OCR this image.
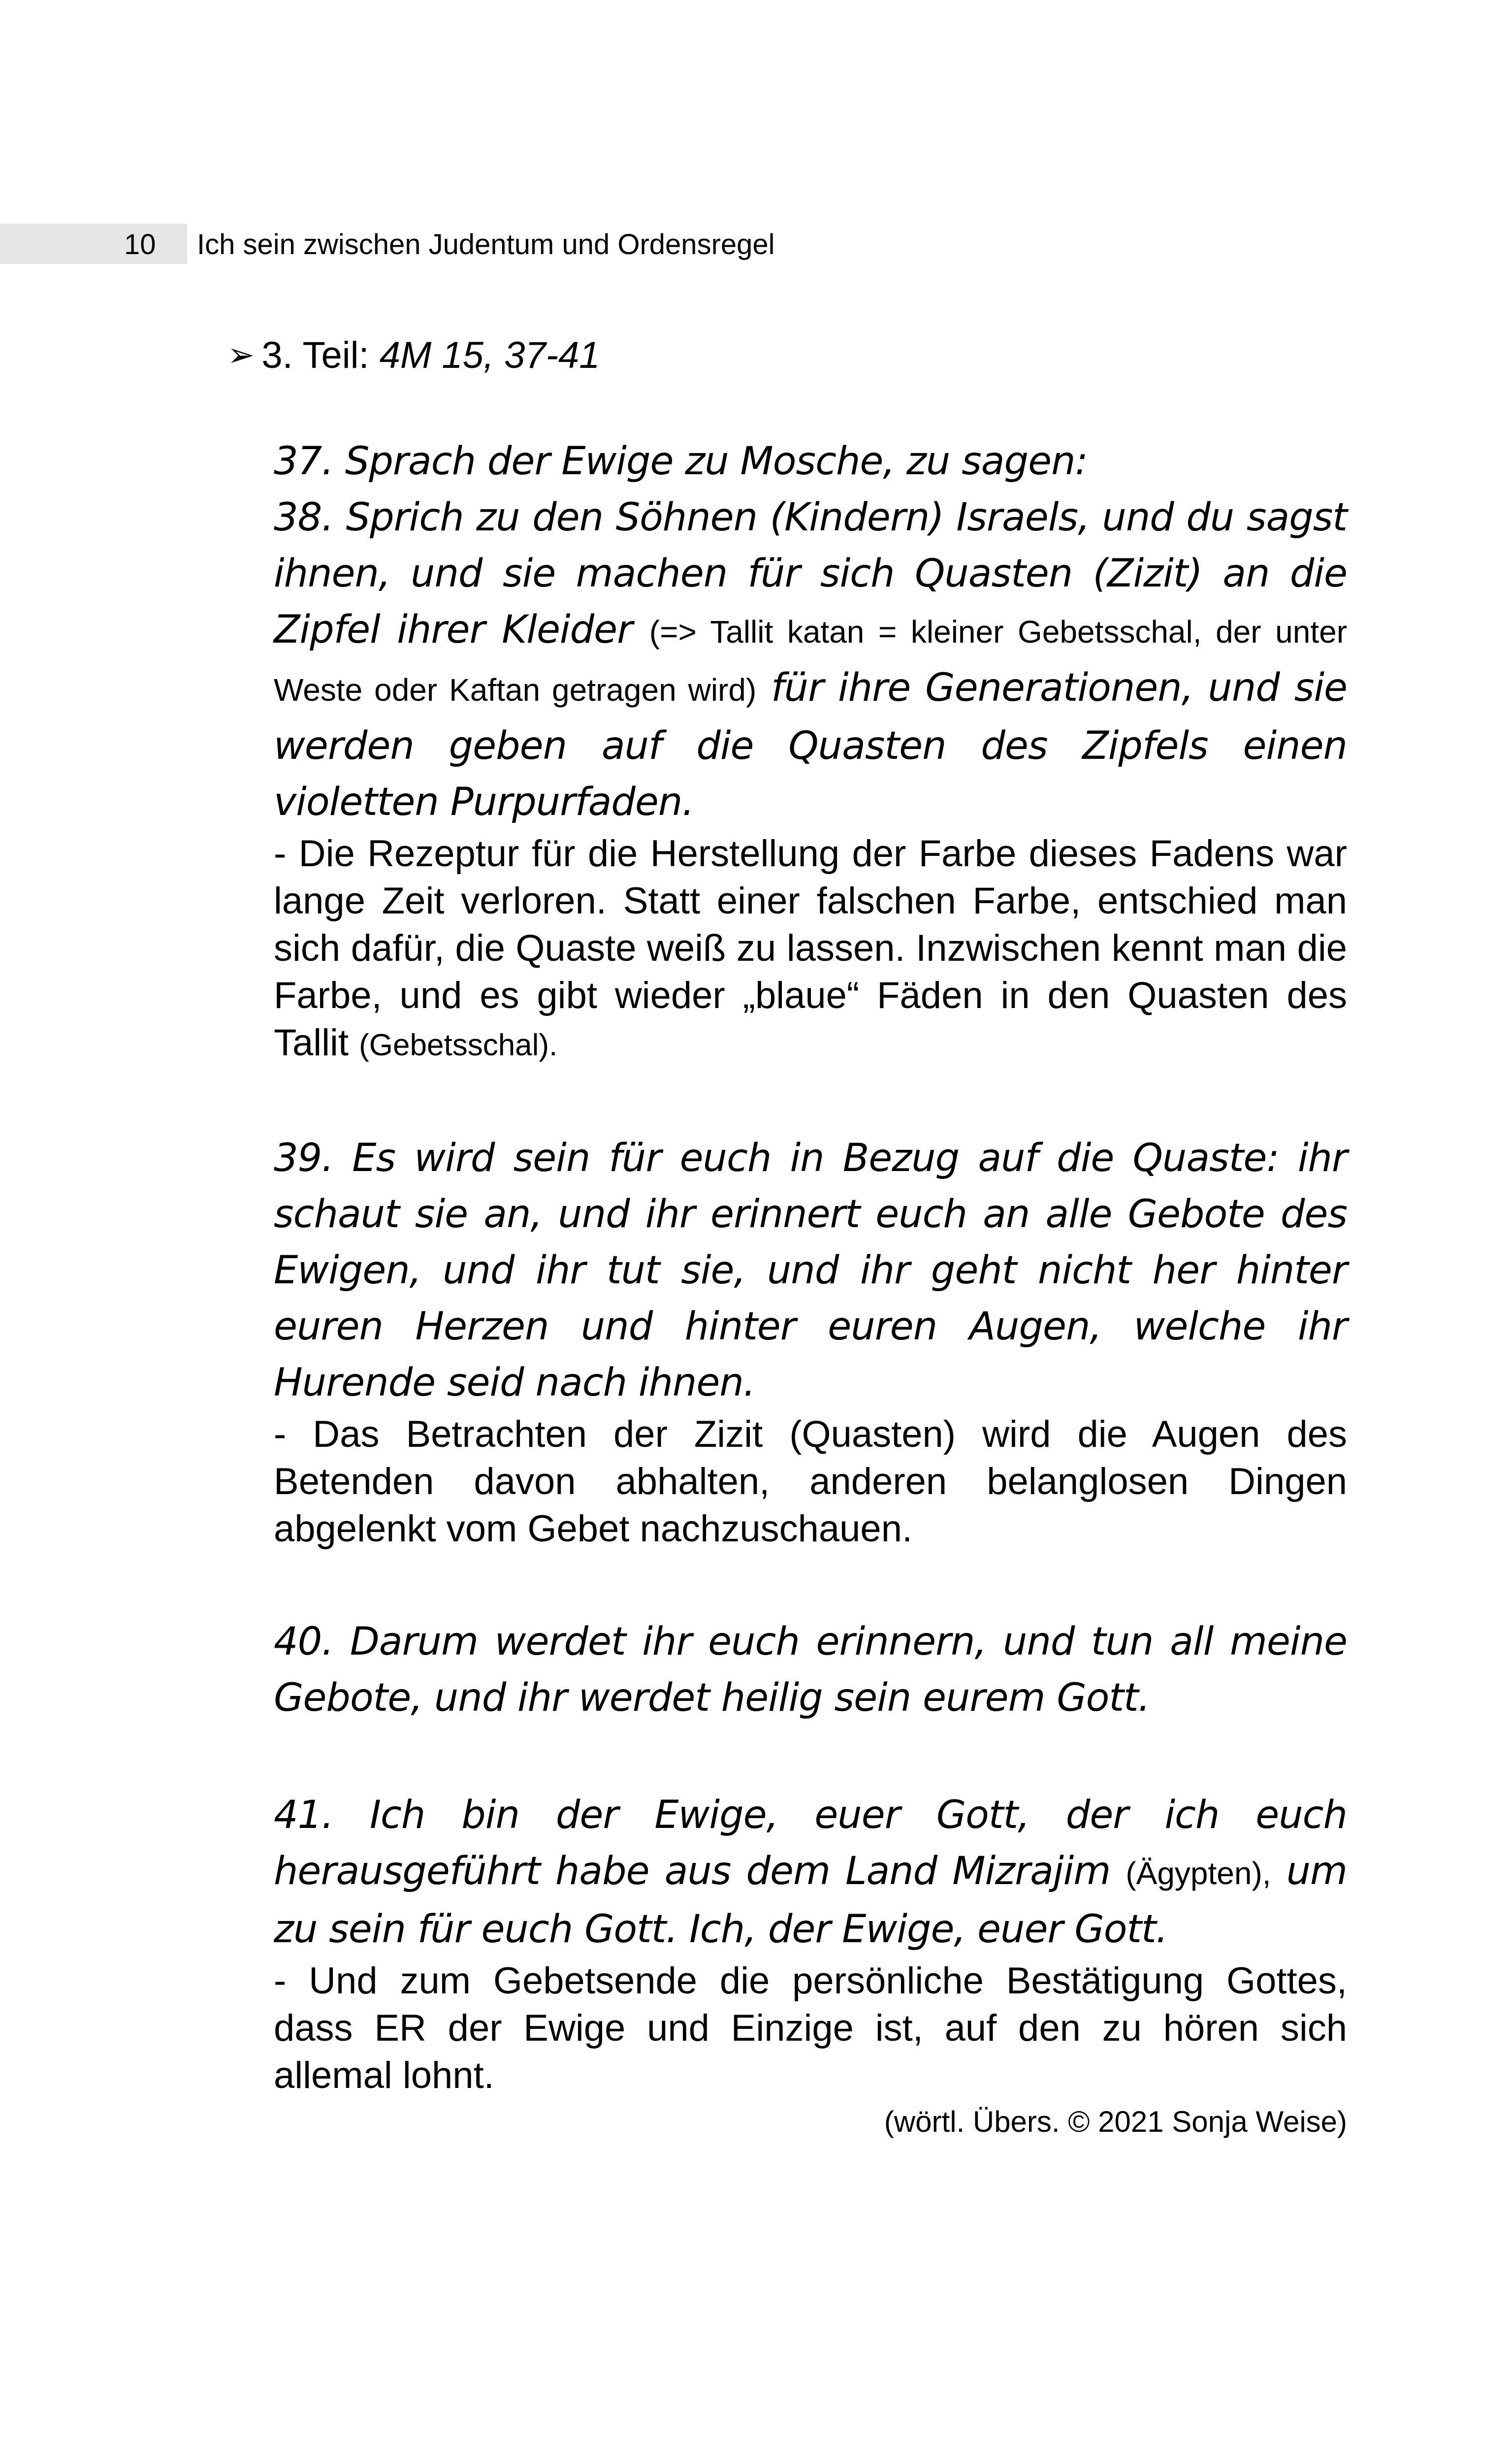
10 Ich sein zwischen Judentum und Ordensregel
➢ 3. Teil: 4M 15, 37-41
37. Sprach der Ewige zu Mosche, zu sagen:
38. Sprich zu den Söhnen (Kindern) Israels, und du sagst ihnen, und sie machen für sich Quasten (Zizit) an die Zipfel ihrer Kleider (=> Tallit katan = kleiner Gebetsschal, der unter Weste oder Kaftan getragen wird) für ihre Generationen, und sie werden geben auf die Quasten des Zipfels einen violetten Purpurfaden.
- Die Rezeptur für die Herstellung der Farbe dieses Fadens war lange Zeit verloren. Statt einer falschen Farbe, entschied man sich dafür, die Quaste weiß zu lassen. Inzwischen kennt man die Farbe, und es gibt wieder „blaue“ Fäden in den Quasten des Tallit (Gebetsschal).
39. Es wird sein für euch in Bezug auf die Quaste: ihr schaut sie an, und ihr erinnert euch an alle Gebote des Ewigen, und ihr tut sie, und ihr geht nicht her hinter euren Herzen und hinter euren Augen, welche ihr Hurende seid nach ihnen.
- Das Betrachten der Zizit (Quasten) wird die Augen des Betenden davon abhalten, anderen belanglosen Dingen abgelenkt vom Gebet nachzuschauen.
40. Darum werdet ihr euch erinnern, und tun all meine Gebote, und ihr werdet heilig sein eurem Gott.
41. Ich bin der Ewige, euer Gott, der ich euch herausgeführt habe aus dem Land Mizrajim (Ägypten), um zu sein für euch Gott. Ich, der Ewige, euer Gott.
- Und zum Gebetsende die persönliche Bestätigung Gottes, dass ER der Ewige und Einzige ist, auf den zu hören sich allemal lohnt.
(wörtl. Übers. © 2021 Sonja Weise)
